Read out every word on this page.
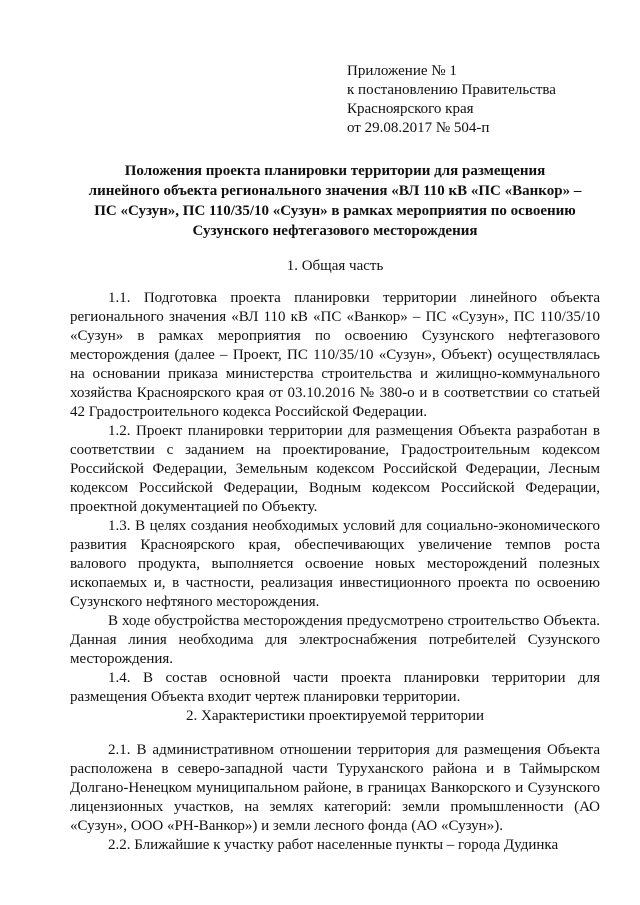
Приложение № 1
к постановлению Правительства
Красноярского края
от 29.08.2017 № 504-п
Положения проекта планировки территории для размещения
линейного объекта регионального значения «ВЛ 110 кВ «ПС «Ванкор» –
ПС «Сузун», ПС 110/35/10 «Сузун» в рамках мероприятия по освоению
Сузунского нефтегазового месторождения
1. Общая часть

1.1. Подготовка проекта планировки территории линейного объекта регионального значения «ВЛ 110 кВ «ПС «Ванкор» – ПС «Сузун», ПС 110/35/10 «Сузун» в рамках мероприятия по освоению Сузунского нефтегазового месторождения (далее – Проект, ПС 110/35/10 «Сузун», Объект) осуществлялась на основании приказа министерства строительства и жилищно-коммунального хозяйства Красноярского края от 03.10.2016 № 380-о и в соответствии со статьей 42 Градостроительного кодекса Российской Федерации.

1.2. Проект планировки территории для размещения Объекта разработан в соответствии с заданием на проектирование, Градостроительным кодексом Российской Федерации, Земельным кодексом Российской Федерации, Лесным кодексом Российской Федерации, Водным кодексом Российской Федерации, проектной документацией по Объекту.

1.3. В целях создания необходимых условий для социально-экономического развития Красноярского края, обеспечивающих увеличение темпов роста валового продукта, выполняется освоение новых месторождений полезных ископаемых и, в частности, реализация инвестиционного проекта по освоению Сузунского нефтяного месторождения.

В ходе обустройства месторождения предусмотрено строительство Объекта. Данная линия необходима для электроснабжения потребителей Сузунского месторождения.

1.4. В состав основной части проекта планировки территории для размещения Объекта входит чертеж планировки территории.

2. Характеристики проектируемой территории

2.1. В административном отношении территория для размещения Объекта расположена в северо-западной части Туруханского района и в Таймырском Долгано-Ненецком муниципальном районе, в границах Ванкорского и Сузунского лицензионных участков, на землях категорий: земли промышленности (АО «Сузун», ООО «РН-Ванкор») и земли лесного фонда (АО «Сузун»).

2.2. Ближайшие к участку работ населенные пункты – города Дудинка
